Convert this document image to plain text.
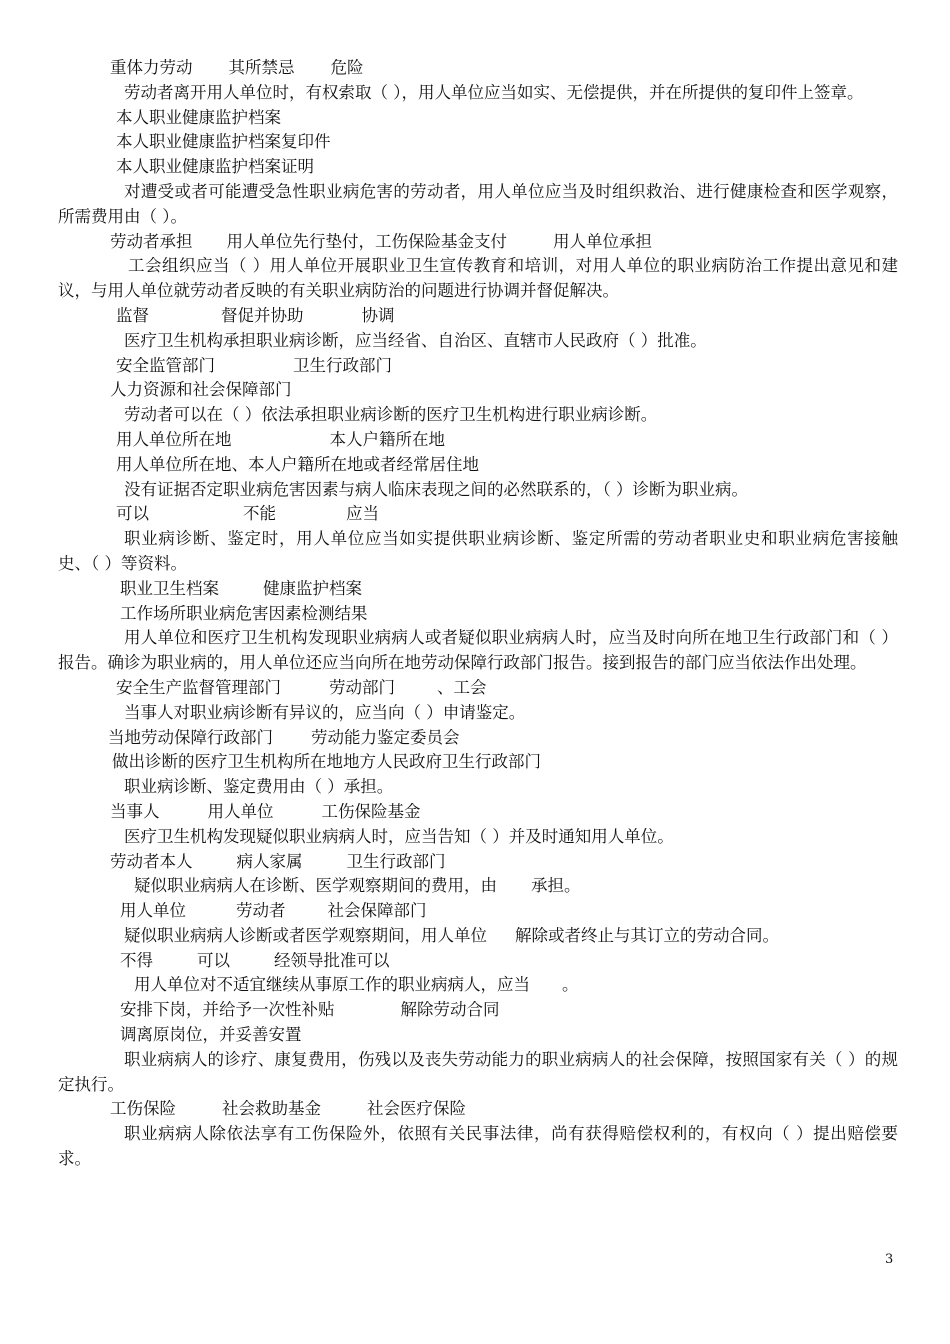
重体力劳动 其所禁忌 危险
劳动者离开用人单位时，有权索取（ ），用人单位应当如实、无偿提供，并在所提供的复印件上签章。
本人职业健康监护档案
本人职业健康监护档案复印件
本人职业健康监护档案证明
对遭受或者可能遭受急性职业病危害的劳动者，用人单位应当及时组织救治、进行健康检查和医学观察，所需费用由（ ）。
劳动者承担 用人单位先行垫付，工伤保险基金支付	用人单位承担
工会组织应当（ ）用人单位开展职业卫生宣传教育和培训，对用人单位的职业病防治工作提出意见和建议，与用人单位就劳动者反映的有关职业病防治的问题进行协调并督促解决。
监督	督促并协助	协调
医疗卫生机构承担职业病诊断，应当经省、自治区、直辖市人民政府（ ）批准。
安全监管部门	卫生行政部门
人力资源和社会保障部门
劳动者可以在（ ）依法承担职业病诊断的医疗卫生机构进行职业病诊断。
用人单位所在地	本人户籍所在地
用人单位所在地、本人户籍所在地或者经常居住地
没有证据否定职业病危害因素与病人临床表现之间的必然联系的，（ ）诊断为职业病。
可以	不能	应当
职业病诊断、鉴定时，用人单位应当如实提供职业病诊断、鉴定所需的劳动者职业史和职业病危害接触史、（ ）等资料。
职业卫生档案	健康监护档案
工作场所职业病危害因素检测结果
用人单位和医疗卫生机构发现职业病病人或者疑似职业病病人时，应当及时向所在地卫生行政部门和（ ）报告。确诊为职业病的，用人单位还应当向所在地劳动保障行政部门报告。接到报告的部门应当依法作出处理。
安全生产监督管理部门	劳动部门	、工会
当事人对职业病诊断有异议的，应当向（ ）申请鉴定。
当地劳动保障行政部门 劳动能力鉴定委员会
做出诊断的医疗卫生机构所在地地方人民政府卫生行政部门
职业病诊断、鉴定费用由（ ）承担。
当事人	用人单位	工伤保险基金
医疗卫生机构发现疑似职业病病人时，应当告知（ ）并及时通知用人单位。
劳动者本人	病人家属	卫生行政部门
疑似职业病病人在诊断、医学观察期间的费用，由 承担。
用人单位	劳动者	社会保障部门
疑似职业病病人诊断或者医学观察期间，用人单位 解除或者终止与其订立的劳动合同。
不得	可以	经领导批准可以
用人单位对不适宜继续从事原工作的职业病病人，应当 。
安排下岗，并给予一次性补贴	解除劳动合同
调离原岗位，并妥善安置
职业病病人的诊疗、康复费用，伤残以及丧失劳动能力的职业病病人的社会保障，按照国家有关（ ）的规定执行。
工伤保险	社会救助基金	社会医疗保险
职业病病人除依法享有工伤保险外，依照有关民事法律，尚有获得赔偿权利的，有权向（ ）提出赔偿要求。
3
